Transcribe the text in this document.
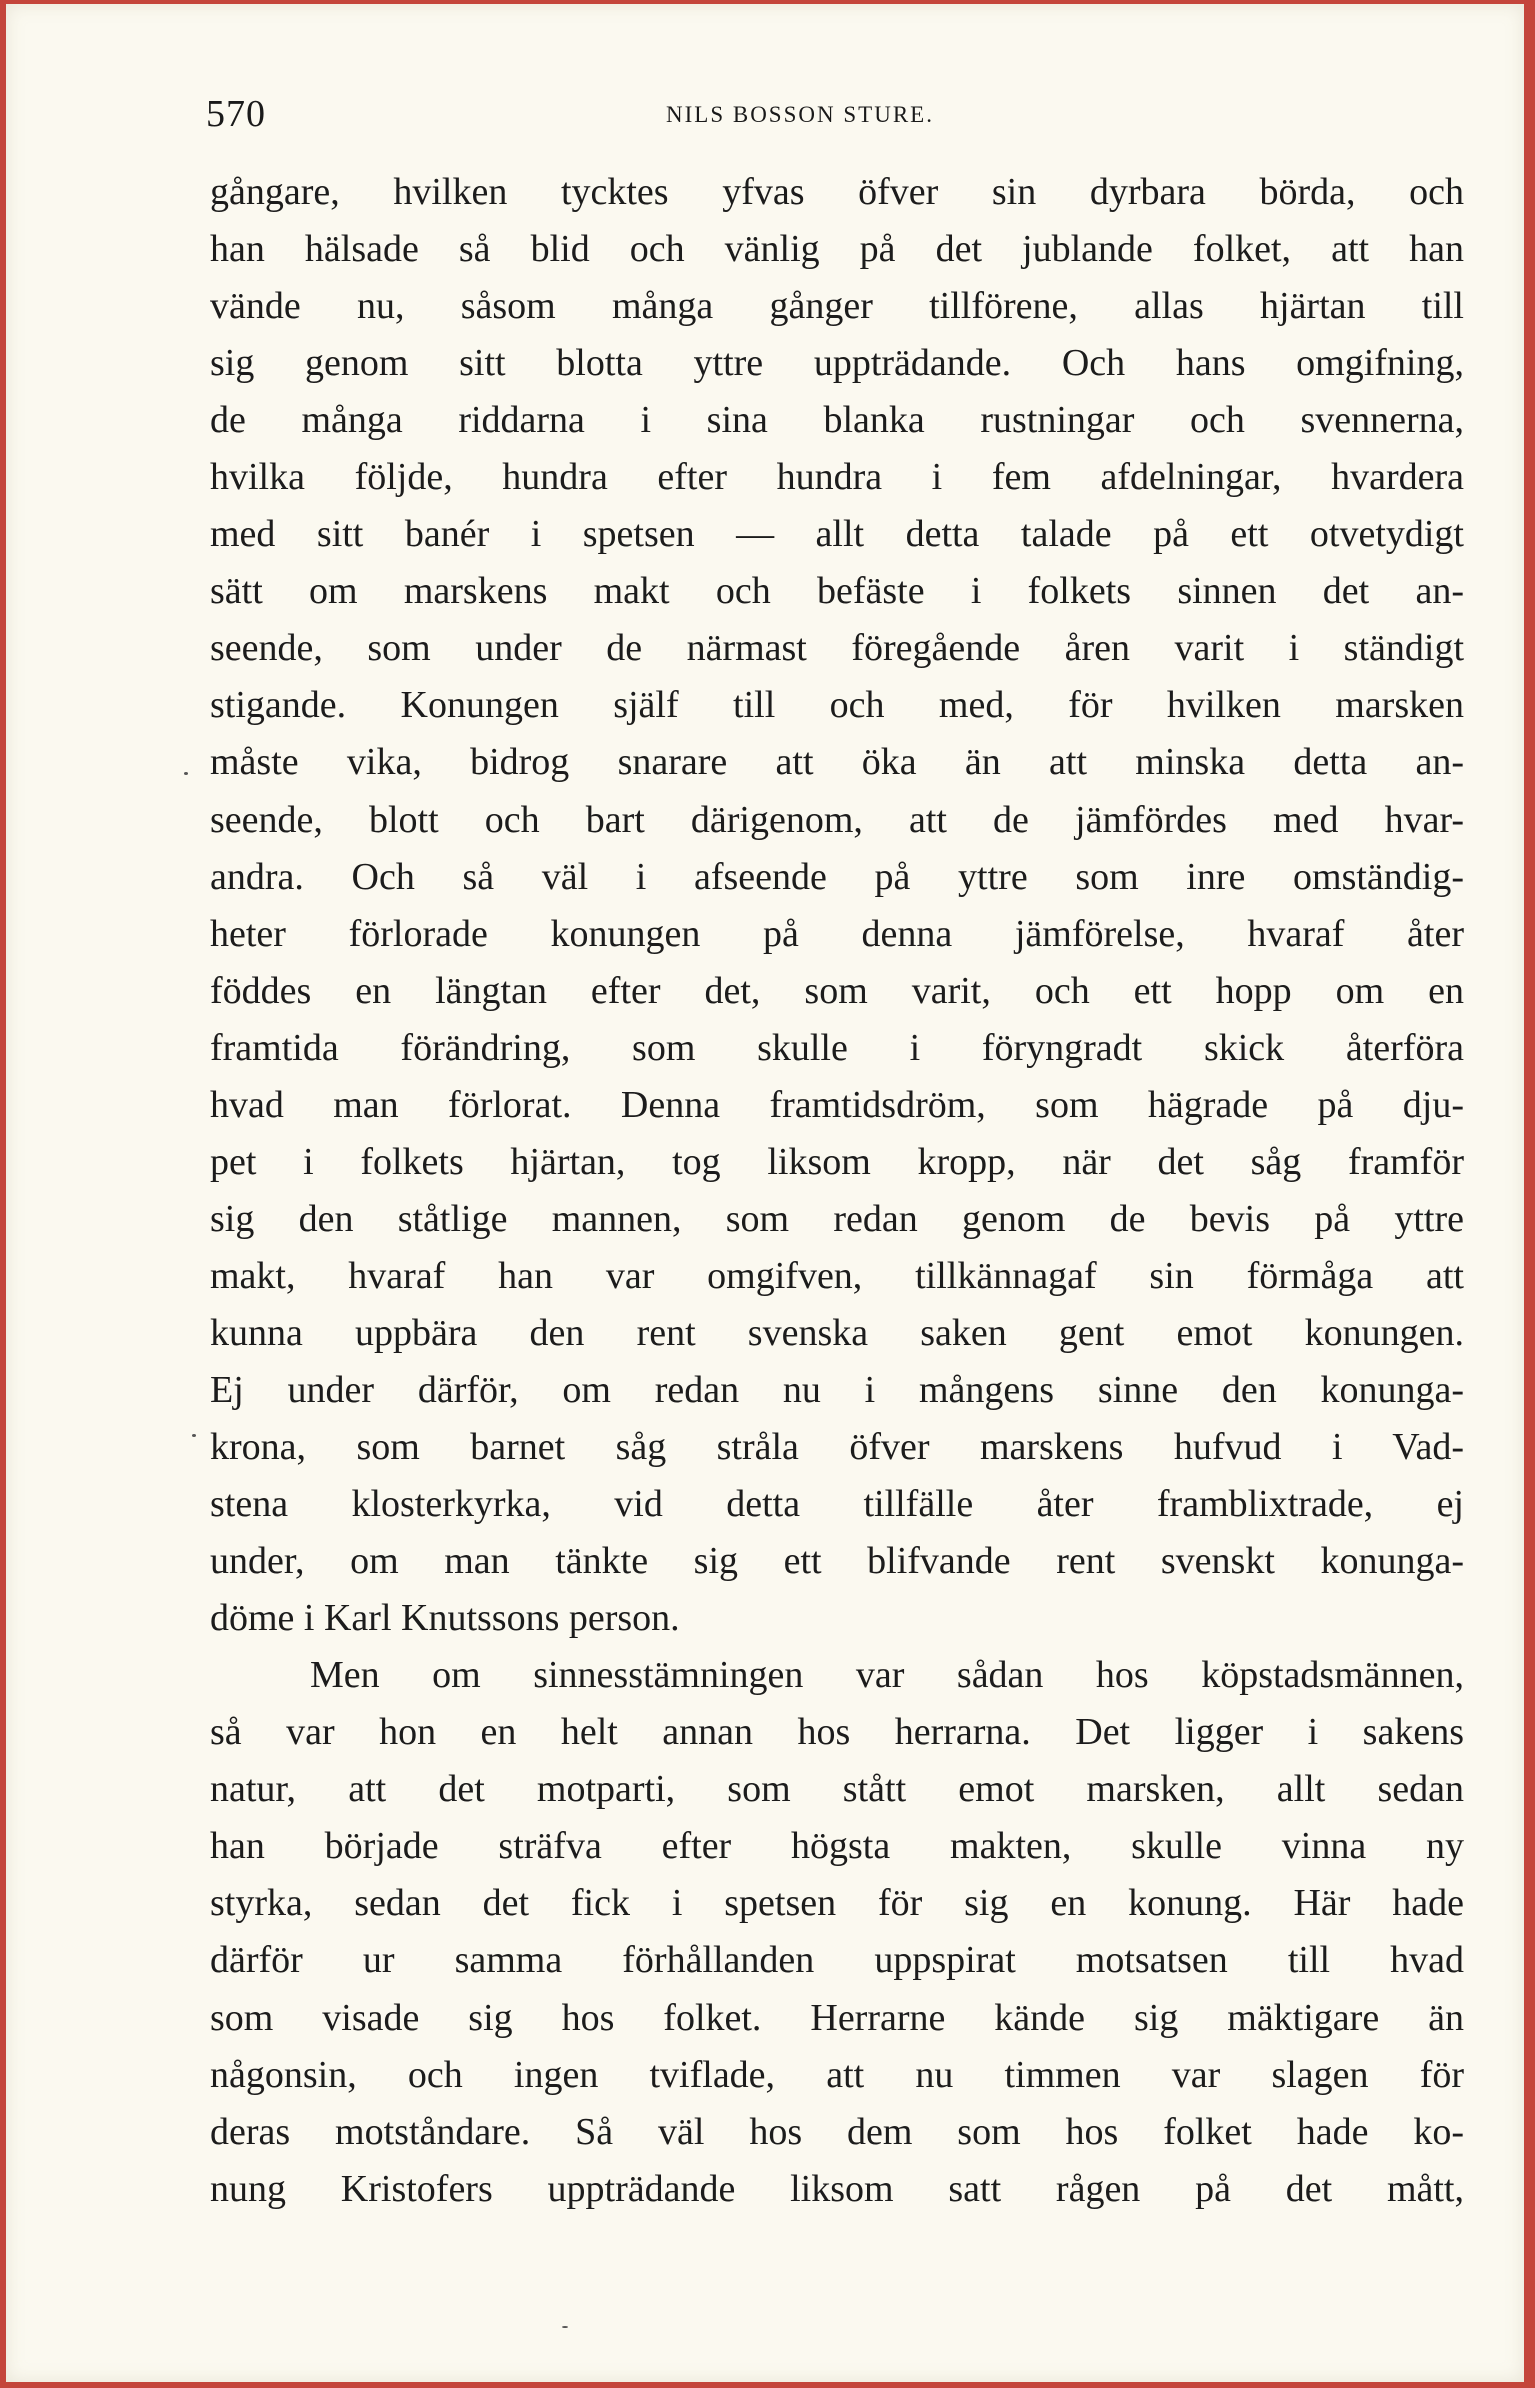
570	NILS BOSSON STURE.
gångare, hvilken tycktes yfvas öfver sin dyrbara börda, och
han hälsade så blid och vänlig på det jublande folket, att han
vände nu, såsom många gånger tillförene, allas hjärtan till
sig genom sitt blotta yttre uppträdande. Och hans omgifning,
de många riddarna i sina blanka rustningar och svennerna,
hvilka följde, hundra efter hundra i fem afdelningar, hvardera
med sitt banér i spetsen — allt detta talade på ett otvetydigt
sätt om marskens makt och befäste i folkets sinnen det an-
seende, som under de närmast föregående åren varit i ständigt
stigande. Konungen själf till och med, för hvilken marsken
måste vika, bidrog snarare att öka än att minska detta an-
seende, blott och bart därigenom, att de jämfördes med hvar-
andra. Och så väl i afseende på yttre som inre omständig-
heter förlorade konungen på denna jämförelse, hvaraf åter
föddes en längtan efter det, som varit, och ett hopp om en
framtida förändring, som skulle i föryngradt skick återföra
hvad man förlorat. Denna framtidsdröm, som hägrade på dju-
pet i folkets hjärtan, tog liksom kropp, när det såg framför
sig den ståtlige mannen, som redan genom de bevis på yttre
makt, hvaraf han var omgifven, tillkännagaf sin förmåga att
kunna uppbära den rent svenska saken gent emot konungen.
Ej under därför, om redan nu i mångens sinne den konunga-
krona, som barnet såg stråla öfver marskens hufvud i Vad-
stena klosterkyrka, vid detta tillfälle åter framblixtrade, ej
under, om man tänkte sig ett blifvande rent svenskt konunga-
döme i Karl Knutssons person.
Men om sinnesstämningen var sådan hos köpstadsmännen,
så var hon en helt annan hos herrarna. Det ligger i sakens
natur, att det motparti, som stått emot marsken, allt sedan
han började sträfva efter högsta makten, skulle vinna ny
styrka, sedan det fick i spetsen för sig en konung. Här hade
därför ur samma förhållanden uppspirat motsatsen till hvad
som visade sig hos folket. Herrarne kände sig mäktigare än
någonsin, och ingen tviflade, att nu timmen var slagen för
deras motståndare. Så väl hos dem som hos folket hade ko-
nung Kristofers uppträdande liksom satt rågen på det mått,
